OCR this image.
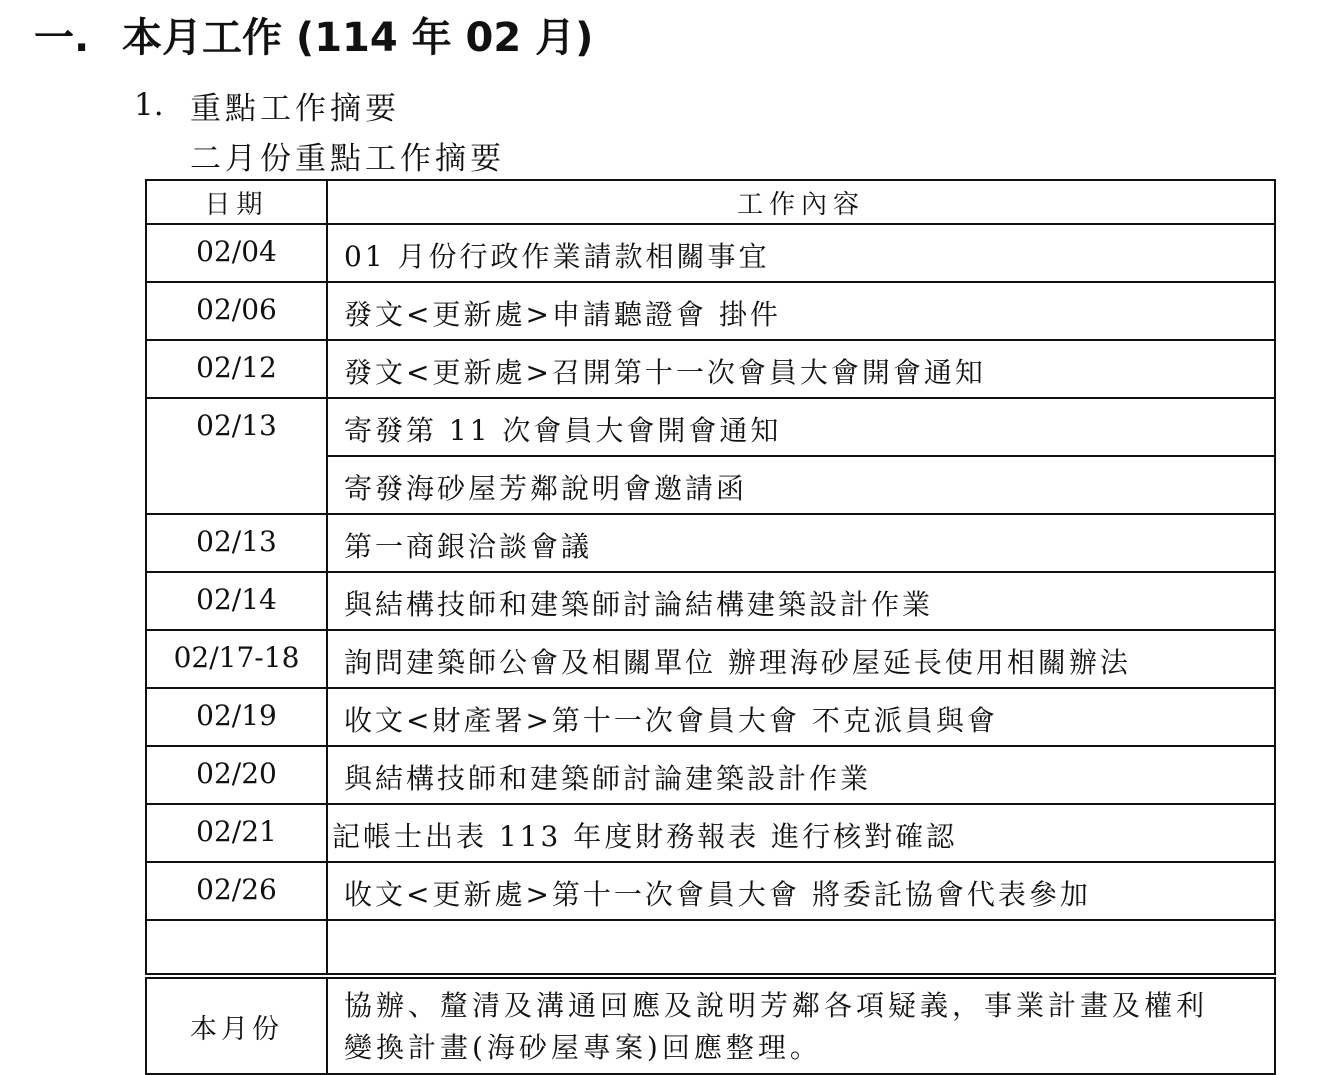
一. 本月工作 (114 年 02 月)
1. 重點工作摘要
二月份重點工作摘要
日期	工作內容
02/04	01 月份行政作業請款相關事宜
02/06	發文<更新處>申請聽證會 掛件
02/12	發文<更新處>召開第十一次會員大會開會通知
02/13	寄發第 11 次會員大會開會通知
	寄發海砂屋芳鄰說明會邀請函
02/13	第一商銀洽談會議
02/14	與結構技師和建築師討論結構建築設計作業
02/17-18	詢問建築師公會及相關單位 辦理海砂屋延長使用相關辦法
02/19	收文<財產署>第十一次會員大會 不克派員與會
02/20	與結構技師和建築師討論建築設計作業
02/21	記帳士出表 113 年度財務報表 進行核對確認
02/26	收文<更新處>第十一次會員大會 將委託協會代表參加

本月份	協辦、釐清及溝通回應及說明芳鄰各項疑義，事業計畫及權利
變換計畫(海砂屋專案)回應整理。
